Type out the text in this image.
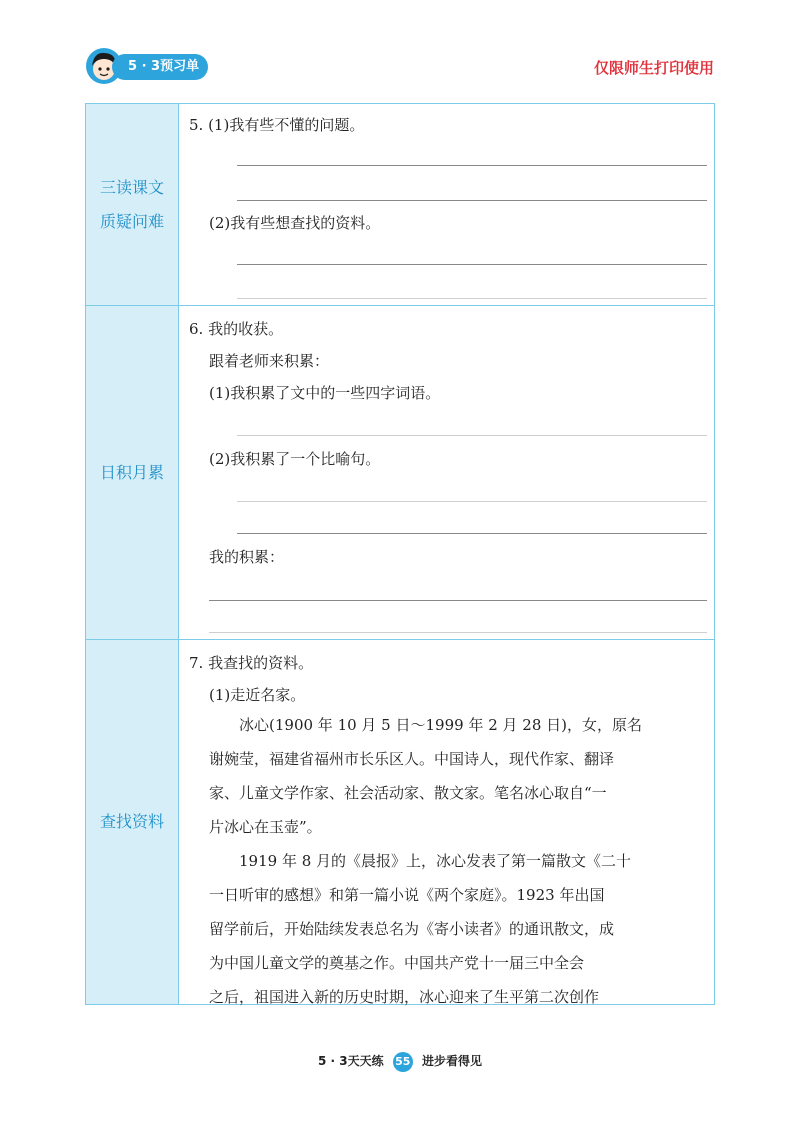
5 · 3预习单	仅限师生打印使用
三读课文
质疑问难
5. (1)我有些不懂的问题。
(2)我有些想查找的资料。
日积月累
6. 我的收获。
跟着老师来积累：
(1)我积累了文中的一些四字词语。
(2)我积累了一个比喻句。
我的积累：
查找资料
7. 我查找的资料。
(1)走近名家。
　　冰心(1900 年 10 月 5 日～1999 年 2 月 28 日)，女，原名
谢婉莹，福建省福州市长乐区人。中国诗人，现代作家、翻译
家、儿童文学作家、社会活动家、散文家。笔名冰心取自“一
片冰心在玉壶”。
　　1919 年 8 月的《晨报》上，冰心发表了第一篇散文《二十
一日听审的感想》和第一篇小说《两个家庭》。1923 年出国
留学前后，开始陆续发表总名为《寄小读者》的通讯散文，成
为中国儿童文学的奠基之作。中国共产党十一届三中全会
之后，祖国进入新的历史时期，冰心迎来了生平第二次创作
5 · 3天天练 55 进步看得见
